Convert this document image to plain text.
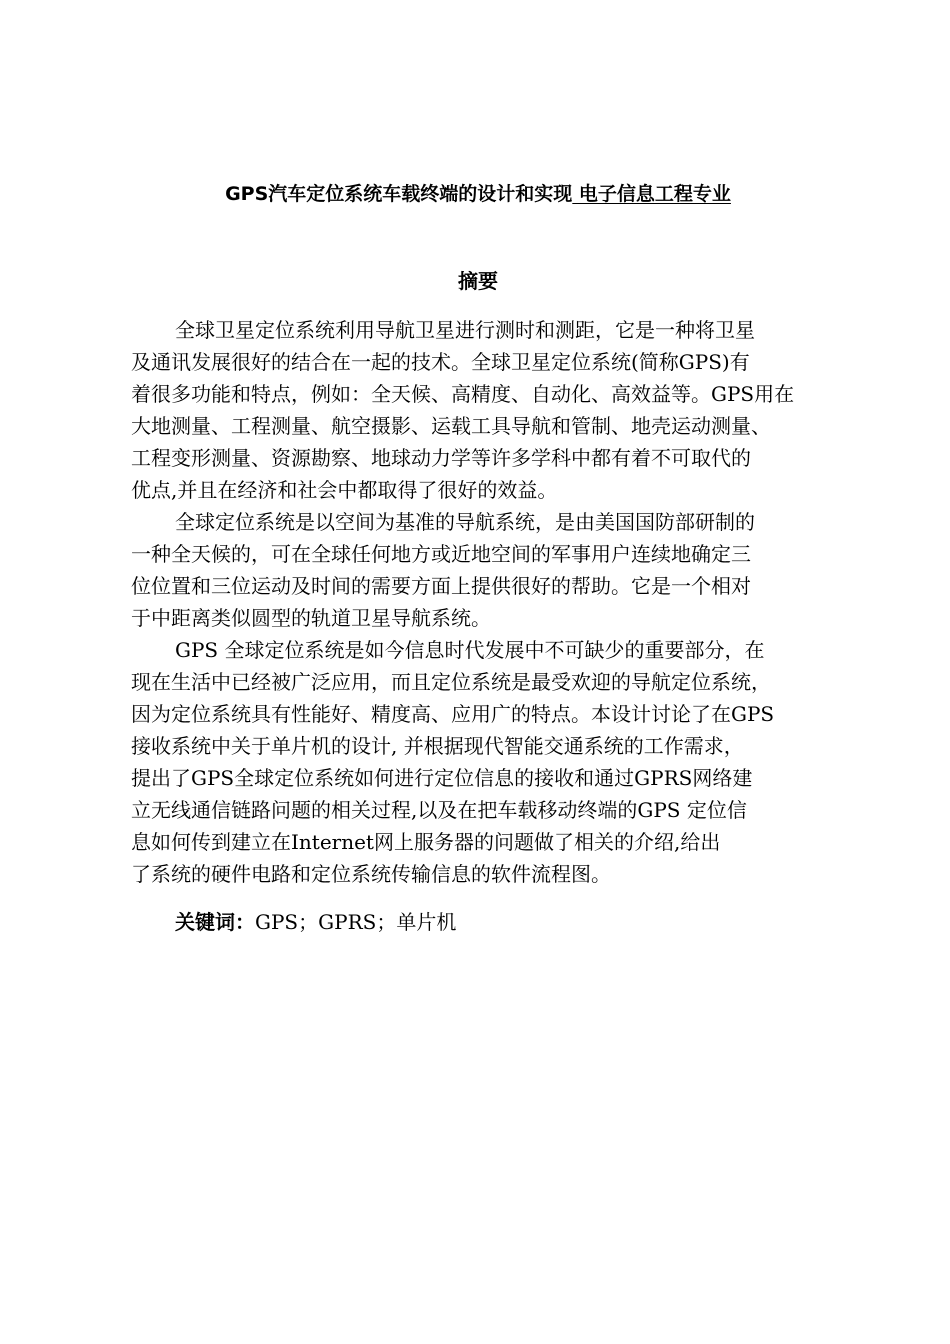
GPS汽车定位系统车载终端的设计和实现 电子信息工程专业
摘要
全球卫星定位系统利用导航卫星进行测时和测距，它是一种将卫星
及通讯发展很好的结合在一起的技术。全球卫星定位系统(简称GPS)有
着很多功能和特点，例如：全天候、高精度、自动化、高效益等。GPS用在
大地测量、工程测量、航空摄影、运载工具导航和管制、地壳运动测量、
工程变形测量、资源勘察、地球动力学等许多学科中都有着不可取代的
优点,并且在经济和社会中都取得了很好的效益。
全球定位系统是以空间为基准的导航系统，是由美国国防部研制的
一种全天候的，可在全球任何地方或近地空间的军事用户连续地确定三
位位置和三位运动及时间的需要方面上提供很好的帮助。它是一个相对
于中距离类似圆型的轨道卫星导航系统。
GPS 全球定位系统是如今信息时代发展中不可缺少的重要部分，在
现在生活中已经被广泛应用，而且定位系统是最受欢迎的导航定位系统，
因为定位系统具有性能好、精度高、应用广的特点。本设计讨论了在GPS
接收系统中关于单片机的设计, 并根据现代智能交通系统的工作需求，
提出了GPS全球定位系统如何进行定位信息的接收和通过GPRS网络建
立无线通信链路问题的相关过程,以及在把车载移动终端的GPS 定位信
息如何传到建立在Internet网上服务器的问题做了相关的介绍,给出
了系统的硬件电路和定位系统传输信息的软件流程图。
关键词：GPS；GPRS；单片机
